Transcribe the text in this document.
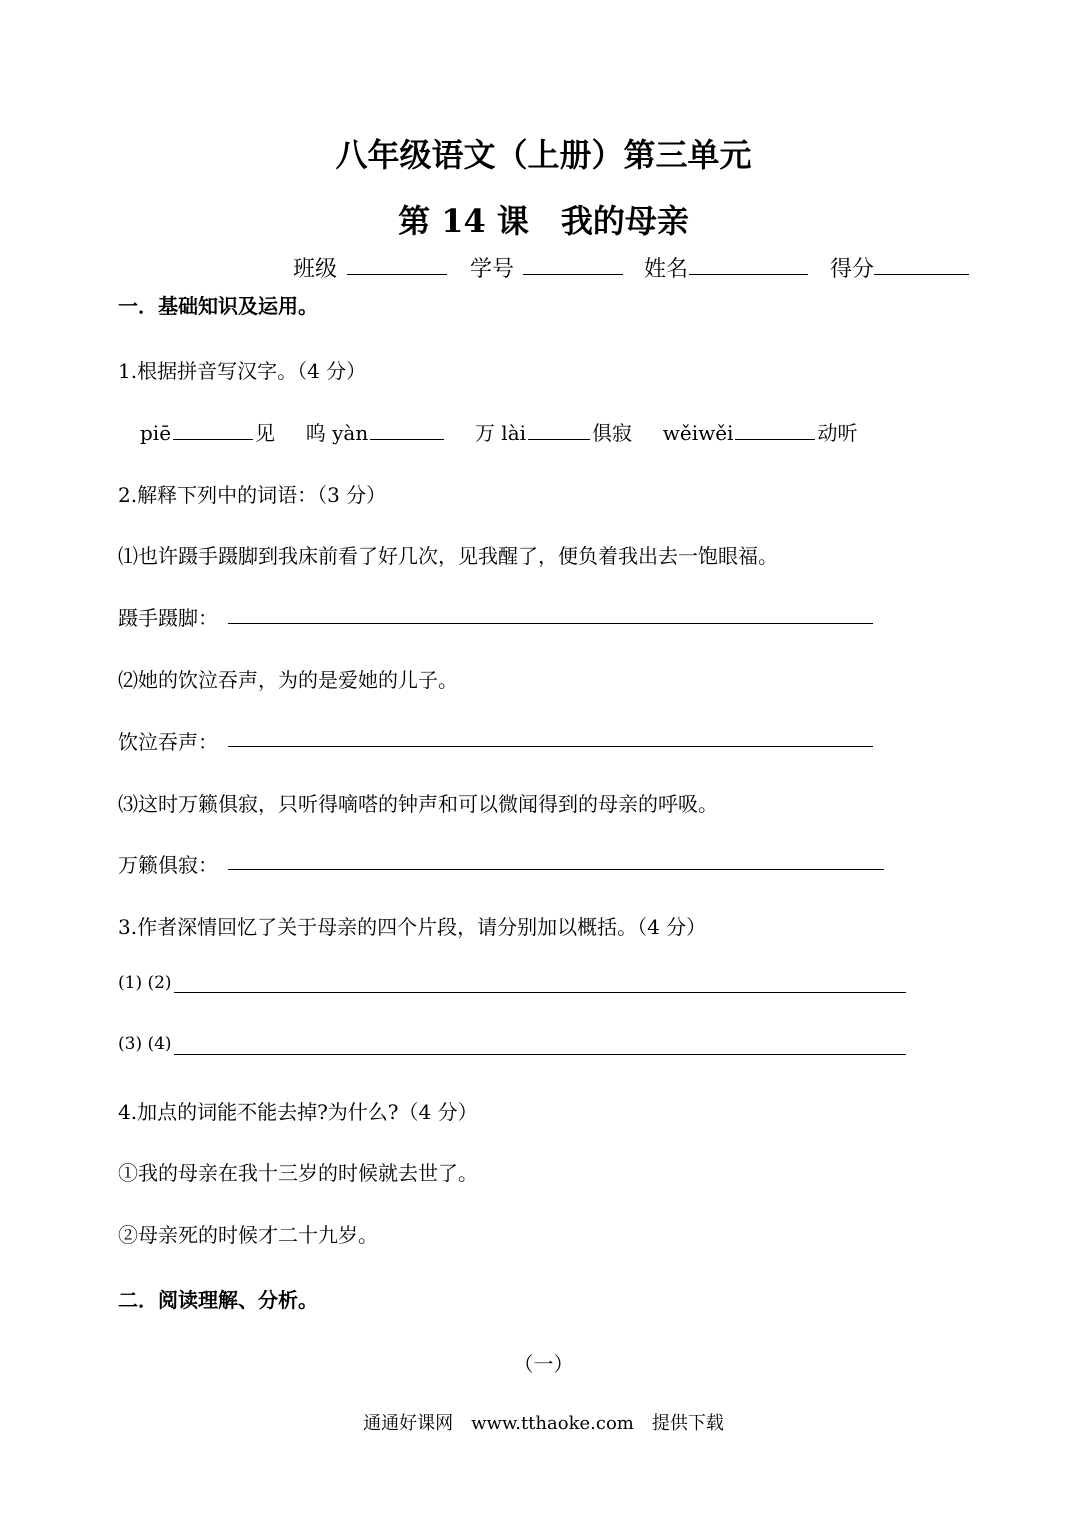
八年级语文（上册）第三单元
第 14 课　我的母亲
班级	学号	姓名	得分
一．基础知识及运用。
1.根据拼音写汉字。（4 分）
piē	见 呜 yàn	万 lài	俱寂 wěiwěi	动听
2.解释下列中的词语：（3 分）
⑴也许蹑手蹑脚到我床前看了好几次，见我醒了，便负着我出去一饱眼福。
蹑手蹑脚：
⑵她的饮泣吞声，为的是爱她的儿子。
饮泣吞声：
⑶这时万籁俱寂，只听得嘀嗒的钟声和可以微闻得到的母亲的呼吸。
万籁俱寂：
3.作者深情回忆了关于母亲的四个片段，请分别加以概括。（4 分）
(1) (2)
(3) (4)
4.加点的词能不能去掉?为什么?（4 分）
①我的母亲在我十三岁的时候就去世了。
②母亲死的时候才二十九岁。
二．阅读理解、分析。
（一）
通通好课网　www.tthaoke.com　提供下载
